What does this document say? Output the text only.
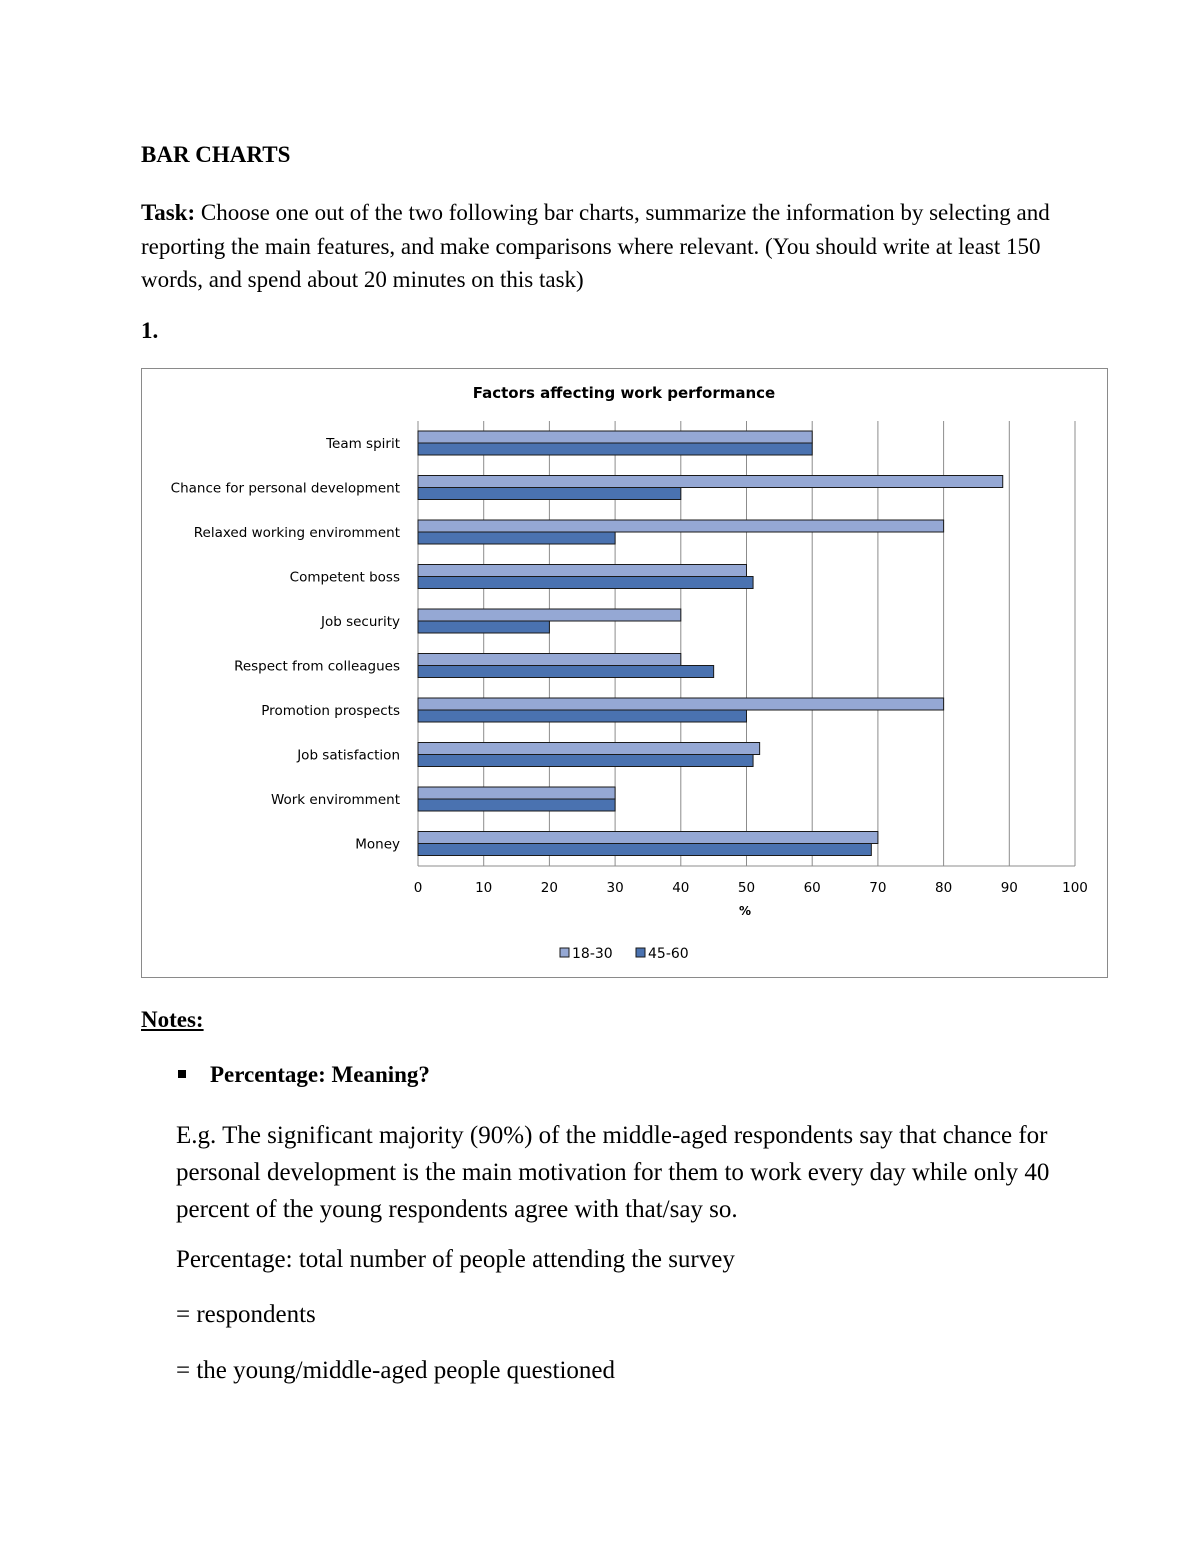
BAR CHARTS

Task: Choose one out of the two following bar charts, summarize the information by selecting and reporting the main features, and make comparisons where relevant. (You should write at least 150 words, and spend about 20 minutes on this task)

1.

Factors affecting work performance
Team spirit
Chance for personal development
Relaxed working enviromment
Competent boss
Job security
Respect from colleagues
Promotion prospects
Job satisfaction
Work enviromment
Money
0	10	20	30	40	50	60	70	80	90	100
%
18-30	45-60

Notes:

Percentage: Meaning?

E.g. The significant majority (90%) of the middle-aged respondents say that chance for personal development is the main motivation for them to work every day while only 40 percent of the young respondents agree with that/say so.

Percentage: total number of people attending the survey

= respondents

= the young/middle-aged people questioned
